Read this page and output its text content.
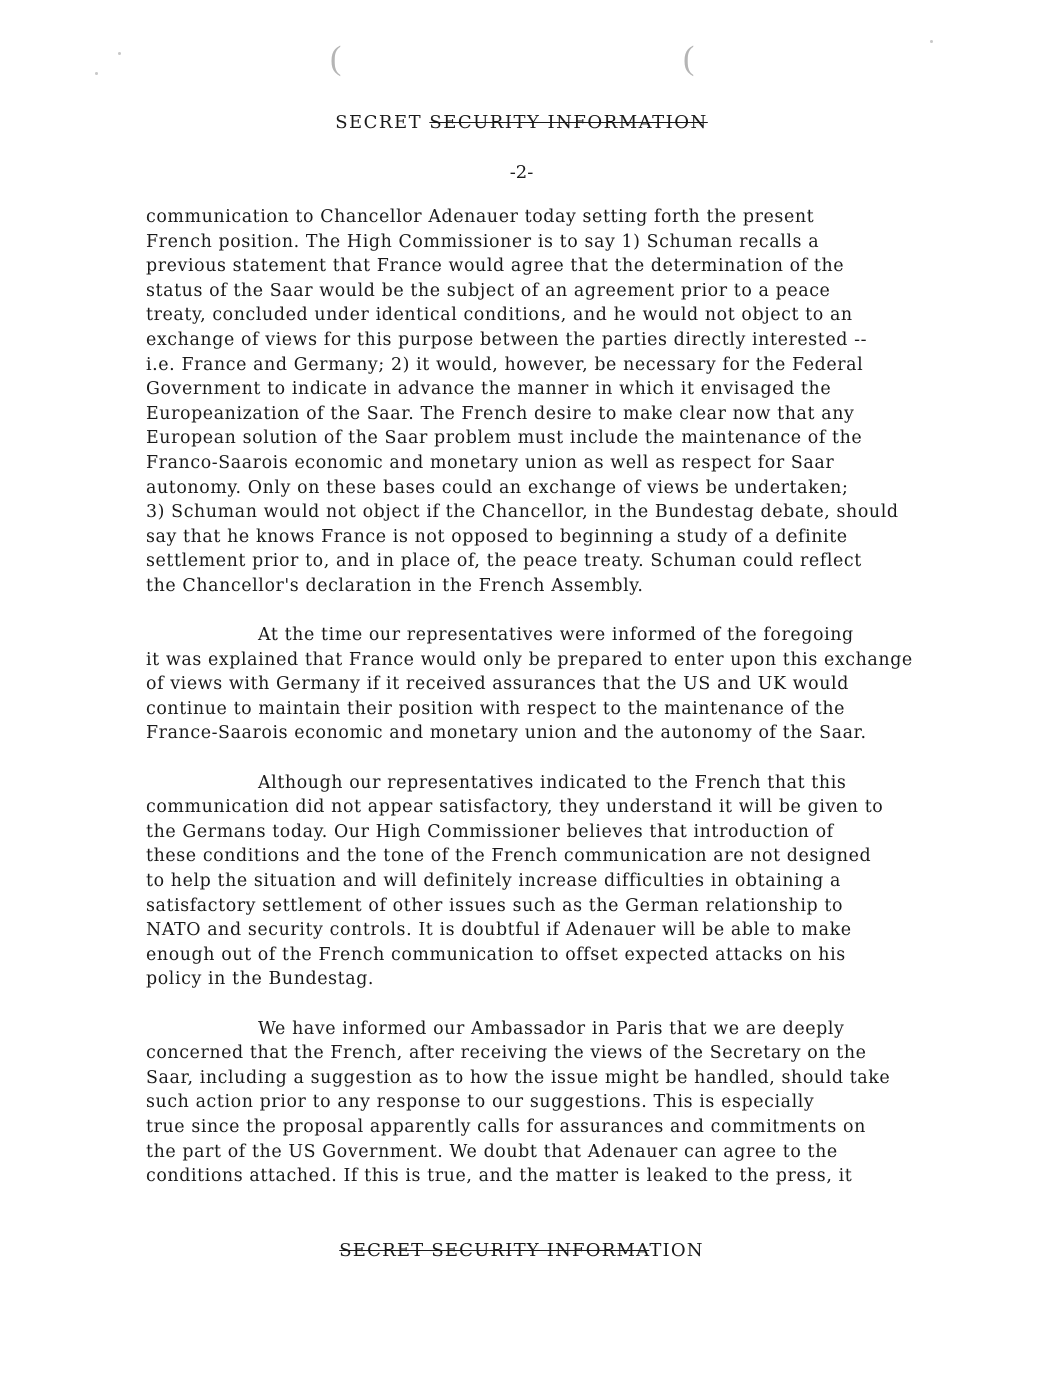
(	(
SECRET SECURITY INFORMATION
-2-

communication to Chancellor Adenauer today setting forth the present
French position. The High Commissioner is to say 1) Schuman recalls a
previous statement that France would agree that the determination of the
status of the Saar would be the subject of an agreement prior to a peace
treaty, concluded under identical conditions, and he would not object to an
exchange of views for this purpose between the parties directly interested --
i.e. France and Germany; 2) it would, however, be necessary for the Federal
Government to indicate in advance the manner in which it envisaged the
Europeanization of the Saar. The French desire to make clear now that any
European solution of the Saar problem must include the maintenance of the
Franco-Saarois economic and monetary union as well as respect for Saar
autonomy. Only on these bases could an exchange of views be undertaken;
3) Schuman would not object if the Chancellor, in the Bundestag debate, should
say that he knows France is not opposed to beginning a study of a definite
settlement prior to, and in place of, the peace treaty. Schuman could reflect
the Chancellor's declaration in the French Assembly.

At the time our representatives were informed of the foregoing
it was explained that France would only be prepared to enter upon this exchange
of views with Germany if it received assurances that the US and UK would
continue to maintain their position with respect to the maintenance of the
France-Saarois economic and monetary union and the autonomy of the Saar.

Although our representatives indicated to the French that this
communication did not appear satisfactory, they understand it will be given to
the Germans today. Our High Commissioner believes that introduction of
these conditions and the tone of the French communication are not designed
to help the situation and will definitely increase difficulties in obtaining a
satisfactory settlement of other issues such as the German relationship to
NATO and security controls. It is doubtful if Adenauer will be able to make
enough out of the French communication to offset expected attacks on his
policy in the Bundestag.

We have informed our Ambassador in Paris that we are deeply
concerned that the French, after receiving the views of the Secretary on the
Saar, including a suggestion as to how the issue might be handled, should take
such action prior to any response to our suggestions. This is especially
true since the proposal apparently calls for assurances and commitments on
the part of the US Government. We doubt that Adenauer can agree to the
conditions attached. If this is true, and the matter is leaked to the press, it

SECRET SECURITY INFORMATION
